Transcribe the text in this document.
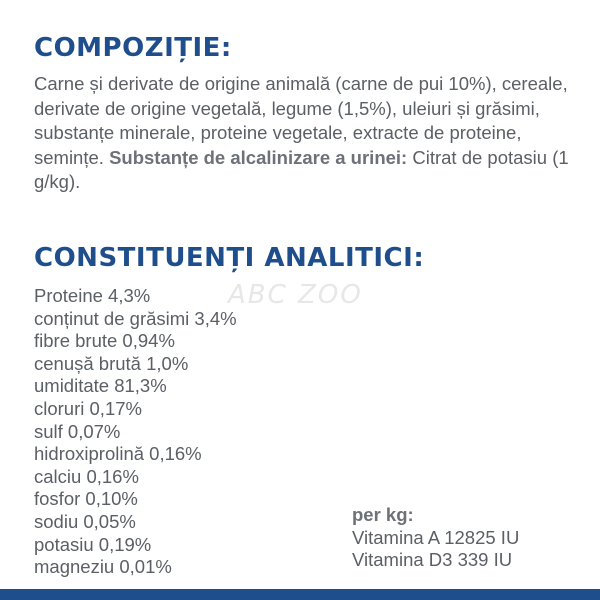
COMPOZIȚIE:

Carne și derivate de origine animală (carne de pui 10%), cereale, derivate de origine vegetală, legume (1,5%), uleiuri și grăsimi, substanțe minerale, proteine vegetale, extracte de proteine, semințe. Substanțe de alcalinizare a urinei: Citrat de potasiu (1 g/kg).

CONSTITUENȚI ANALITICI:
ABC ZOO
Proteine 4,3%
conținut de grăsimi 3,4%
fibre brute 0,94%
cenușă brută 1,0%
umiditate 81,3%
cloruri 0,17%
sulf 0,07%
hidroxiprolină 0,16%
calciu 0,16%
fosfor 0,10%
sodiu 0,05%
potasiu 0,19%
magneziu 0,01%
per kg:
Vitamina A 12825 IU
Vitamina D3 339 IU
